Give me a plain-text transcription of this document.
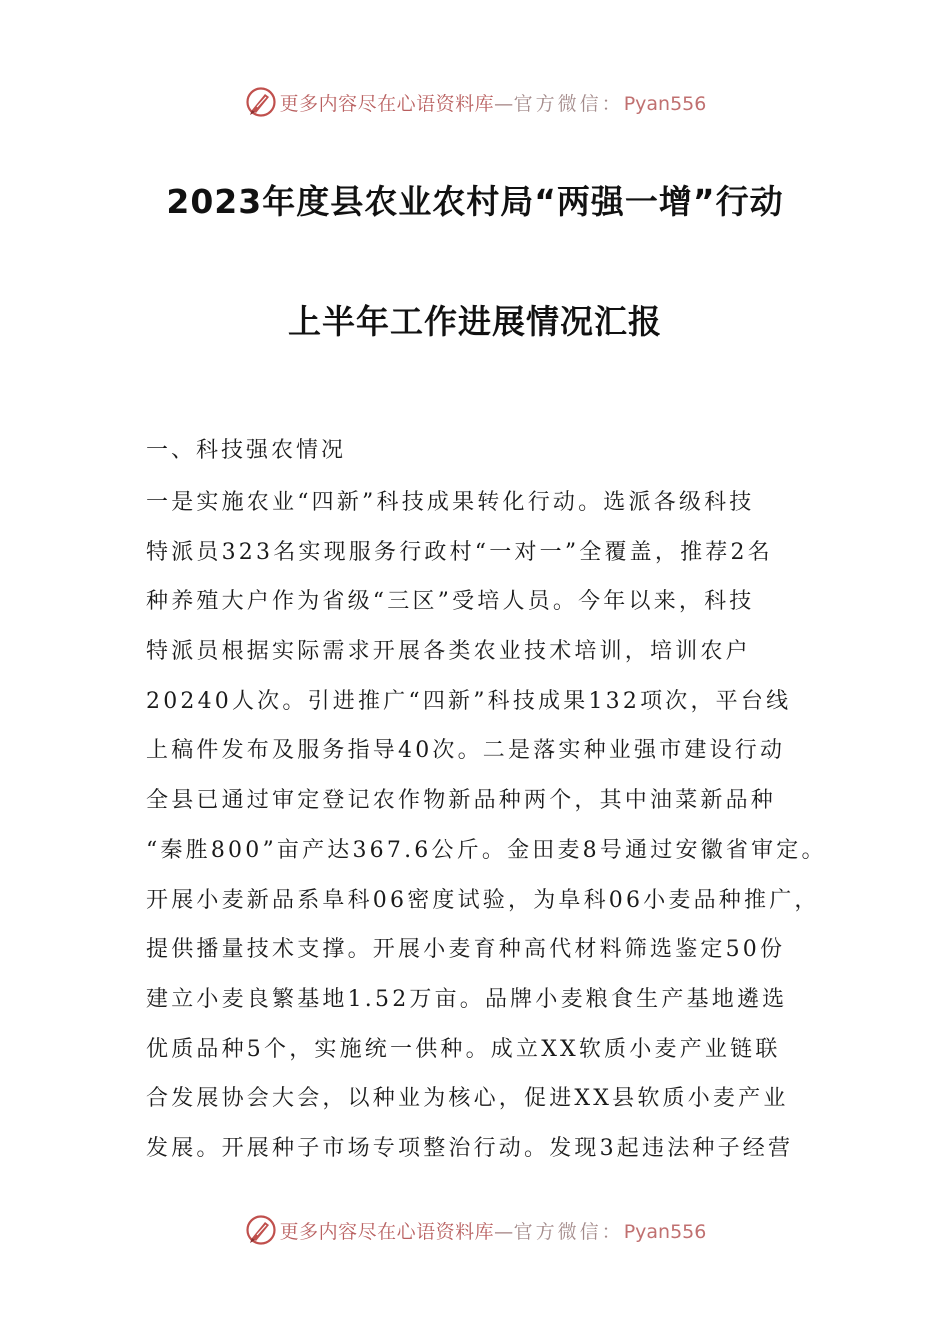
更多内容尽在心语资料库—官方微信：Pyan556
2023年度县农业农村局“两强一增”行动
上半年工作进展情况汇报
一、科技强农情况
一是实施农业“四新”科技成果转化行动。选派各级科技
特派员323名实现服务行政村“一对一”全覆盖，推荐2名
种养殖大户作为省级“三区”受培人员。今年以来，科技
特派员根据实际需求开展各类农业技术培训，培训农户
20240人次。引进推广“四新”科技成果132项次，平台线
上稿件发布及服务指导40次。二是落实种业强市建设行动
全县已通过审定登记农作物新品种两个，其中油菜新品种
“秦胜800”亩产达367.6公斤。金田麦8号通过安徽省审定。
开展小麦新品系阜科06密度试验，为阜科06小麦品种推广，
提供播量技术支撑。开展小麦育种高代材料筛选鉴定50份
建立小麦良繁基地1.52万亩。品牌小麦粮食生产基地遴选
优质品种5个，实施统一供种。成立XX软质小麦产业链联
合发展协会大会，以种业为核心，促进XX县软质小麦产业
发展。开展种子市场专项整治行动。发现3起违法种子经营
更多内容尽在心语资料库—官方微信：Pyan556
